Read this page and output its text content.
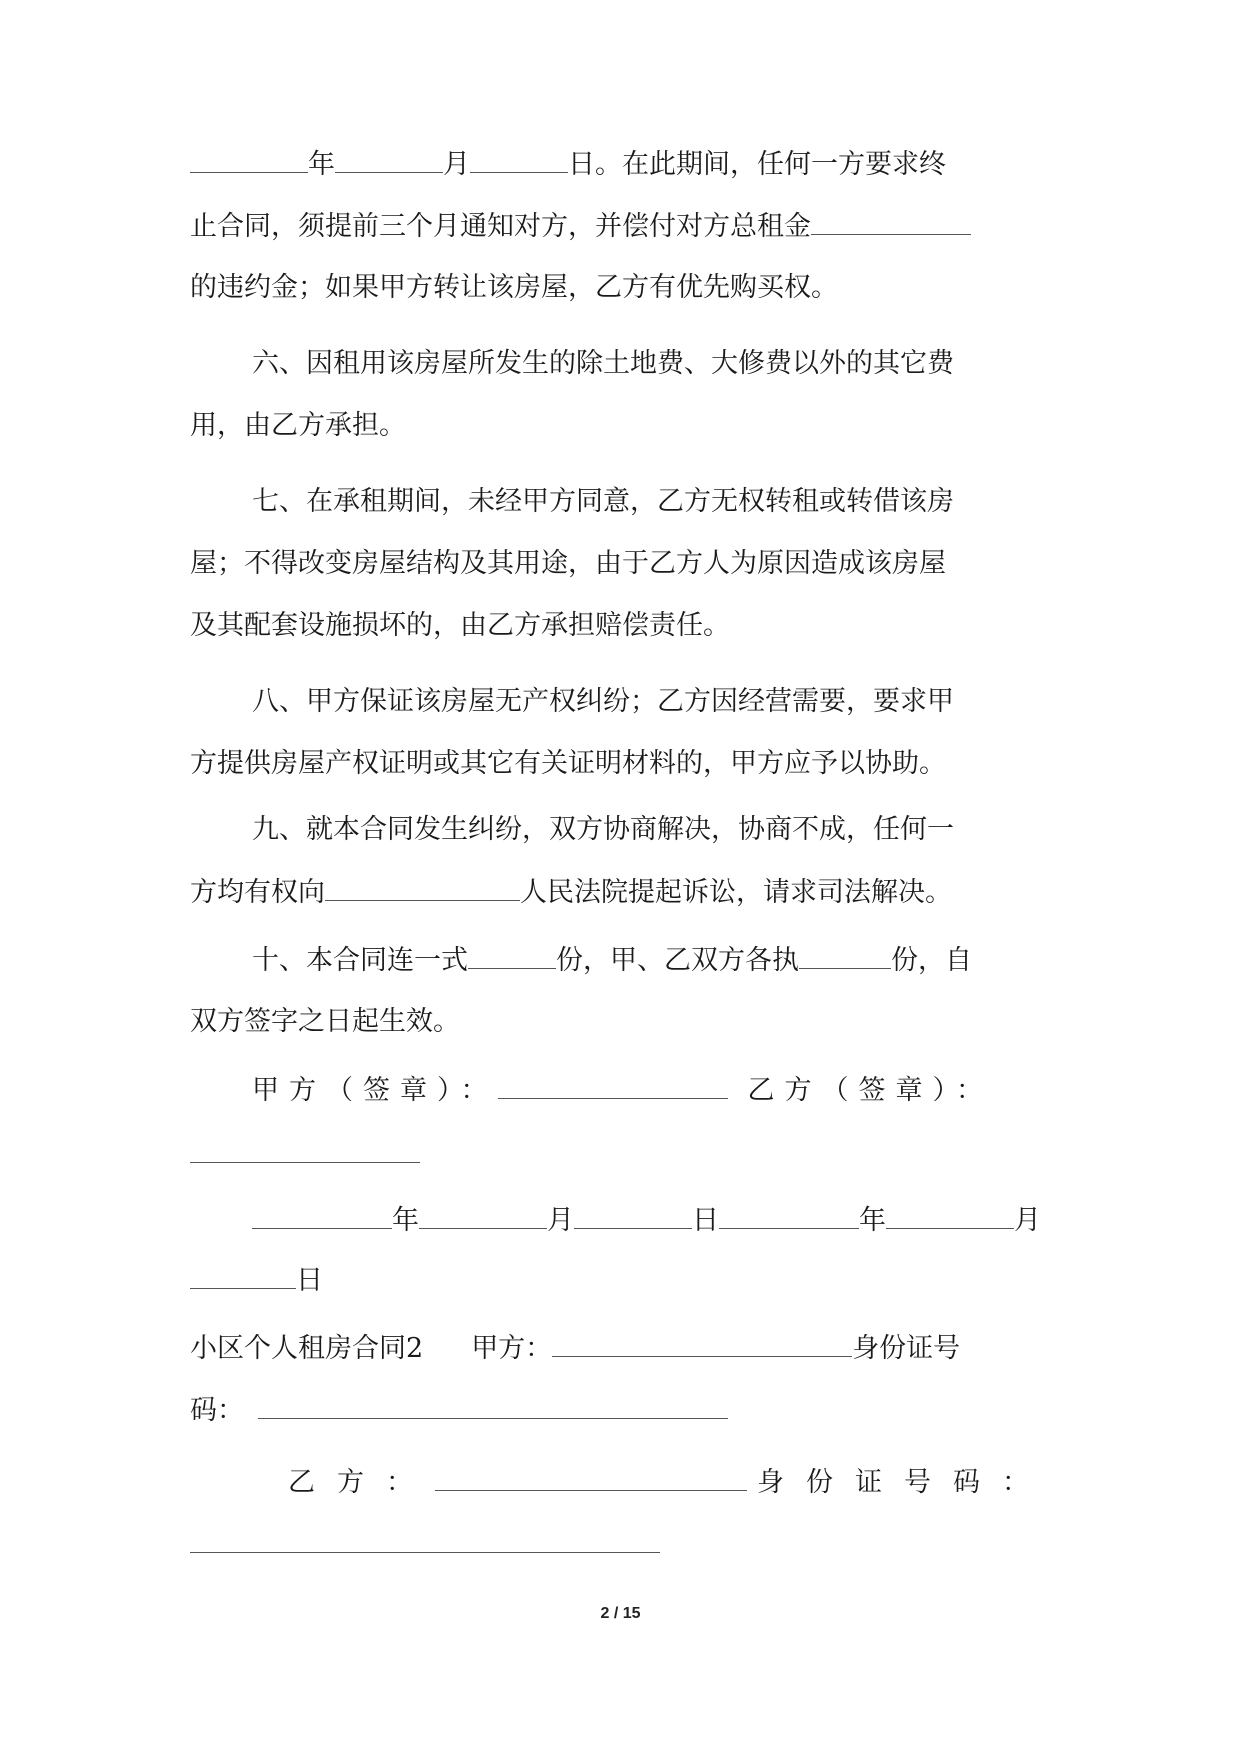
年	月	日。在此期间，任何一方要求终
止合同，须提前三个月通知对方，并偿付对方总租金
的违约金；如果甲方转让该房屋，乙方有优先购买权。
六、因租用该房屋所发生的除土地费、大修费以外的其它费
用，由乙方承担。
七、在承租期间，未经甲方同意，乙方无权转租或转借该房
屋；不得改变房屋结构及其用途，由于乙方人为原因造成该房屋
及其配套设施损坏的，由乙方承担赔偿责任。
八、甲方保证该房屋无产权纠纷；乙方因经营需要，要求甲
方提供房屋产权证明或其它有关证明材料的，甲方应予以协助。
九、就本合同发生纠纷，双方协商解决，协商不成，任何一
方均有权向	人民法院提起诉讼，请求司法解决。
十、本合同连一式	份，甲、乙双方各执	份，自
双方签字之日起生效。
甲方（签章）：	乙方（签章）：
年	月	日	年	月
日
小区个人租房合同2 甲方：	身份证号
码：
乙方：	身份证号码：
2 / 15
